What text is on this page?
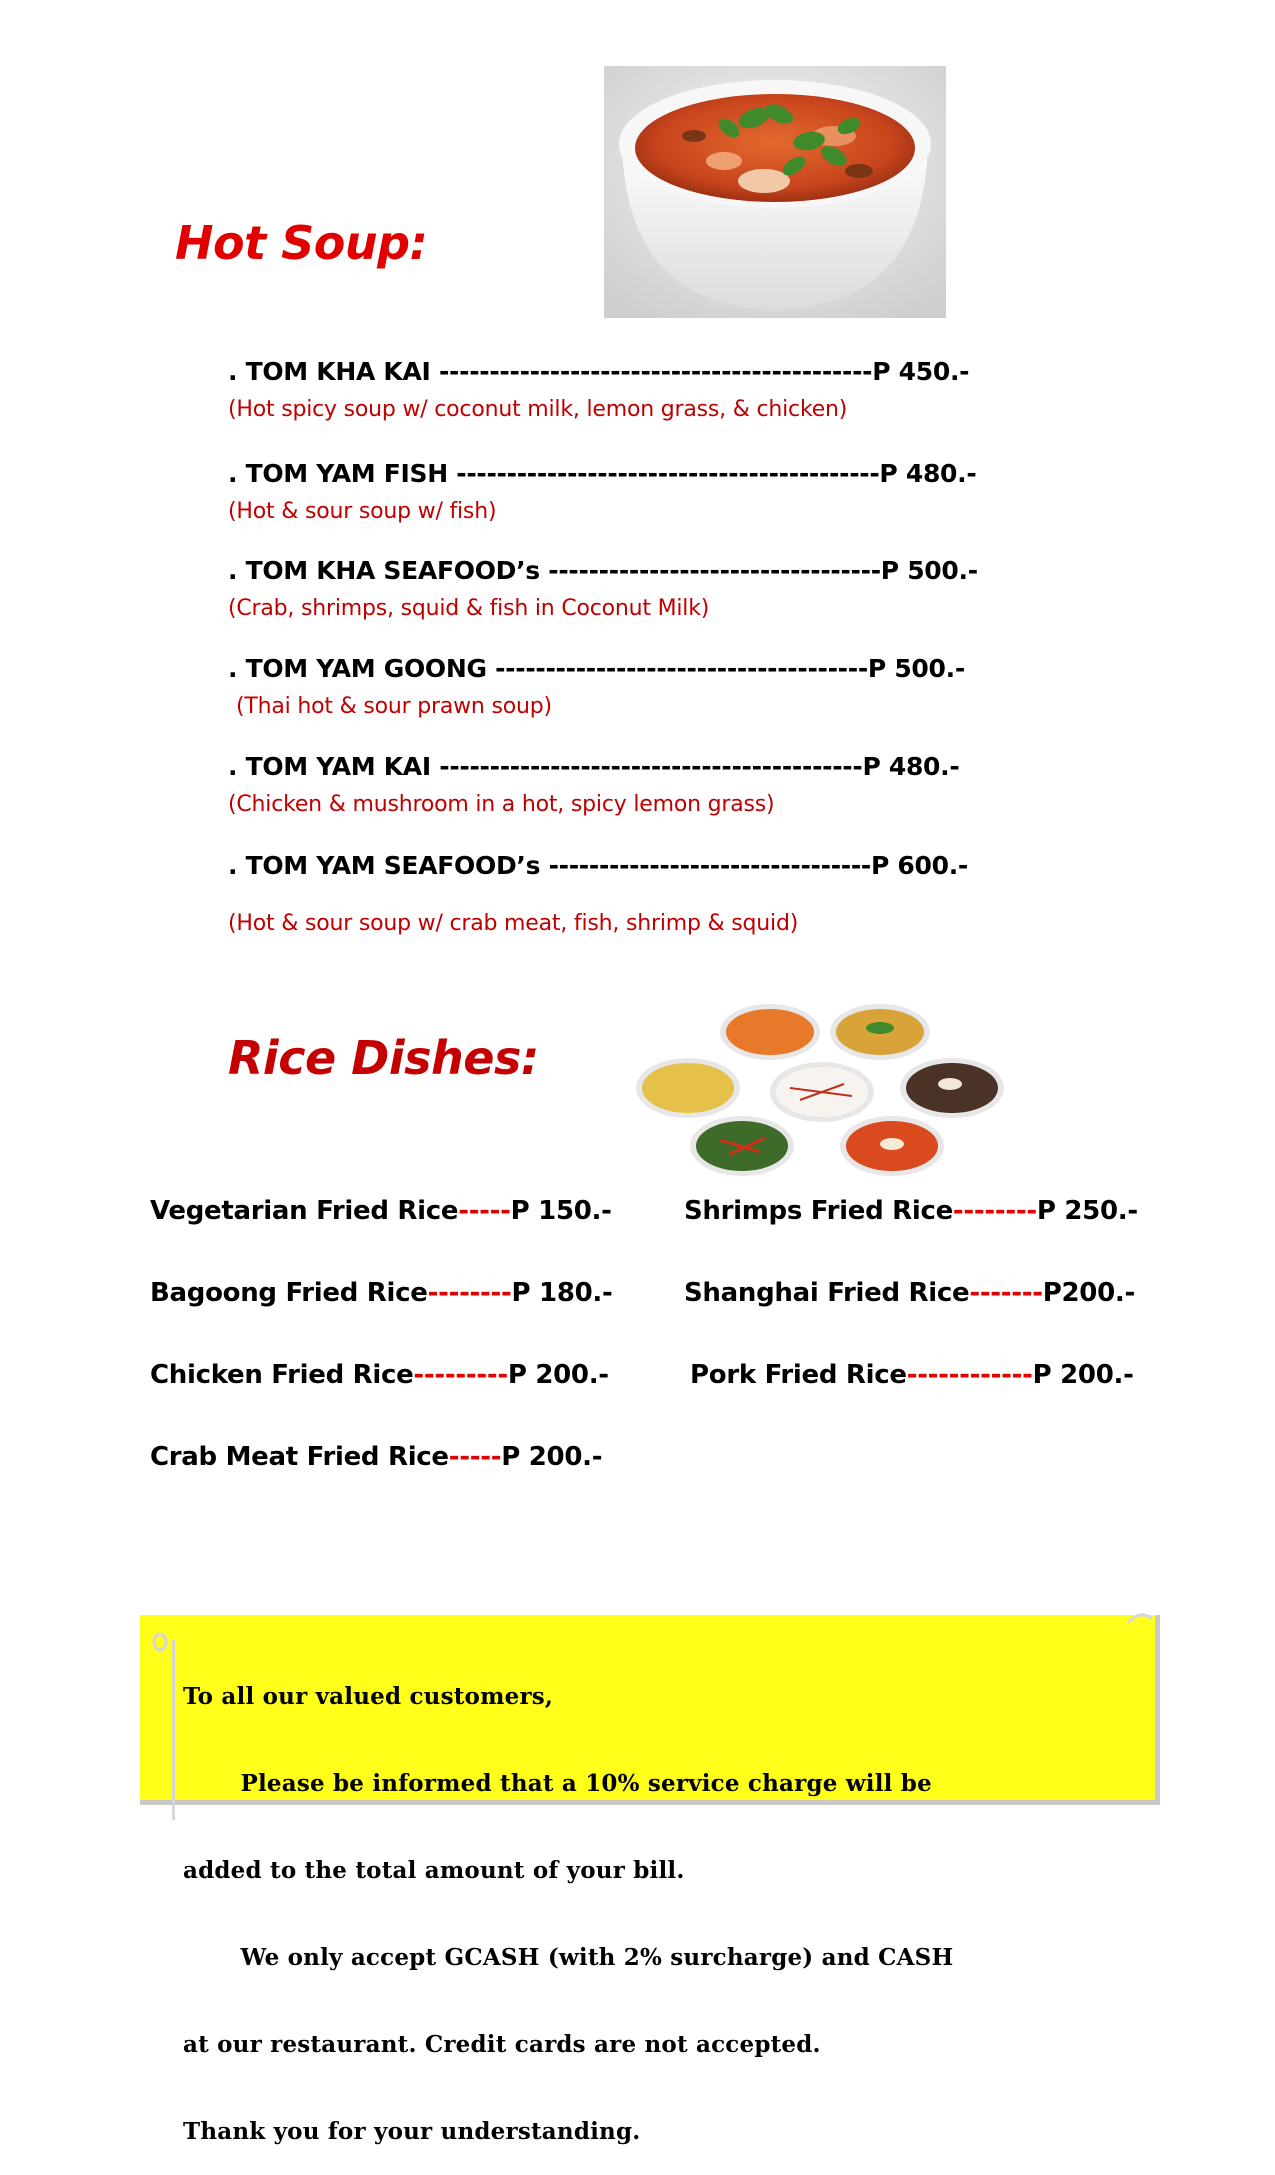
Hot Soup:
. TOM KHA KAI -------------------------------------------P 450.-
(Hot spicy soup w/ coconut milk, lemon grass, & chicken)
. TOM YAM FISH ------------------------------------------P 480.-
(Hot & sour soup w/ fish)
. TOM KHA SEAFOOD’s ---------------------------------P 500.-
(Crab, shrimps, squid & fish in Coconut Milk)
. TOM YAM GOONG -------------------------------------P 500.-
(Thai hot & sour prawn soup)
. TOM YAM KAI ------------------------------------------P 480.-
(Chicken & mushroom in a hot, spicy lemon grass)
. TOM YAM SEAFOOD’s --------------------------------P 600.-
(Hot & sour soup w/ crab meat, fish, shrimp & squid)
Rice Dishes:
Vegetarian Fried Rice-----P 150.-
Bagoong Fried Rice--------P 180.-
Chicken Fried Rice---------P 200.-
Crab Meat Fried Rice-----P 200.-
Shrimps Fried Rice--------P 250.-
Shanghai Fried Rice-------P200.-
Pork Fried Rice------------P 200.-

To all our valued customers,

Please be informed that a 10% service charge will be

added to the total amount of your bill.

We only accept GCASH (with 2% surcharge) and CASH

at our restaurant. Credit cards are not accepted.

Thank you for your understanding.
